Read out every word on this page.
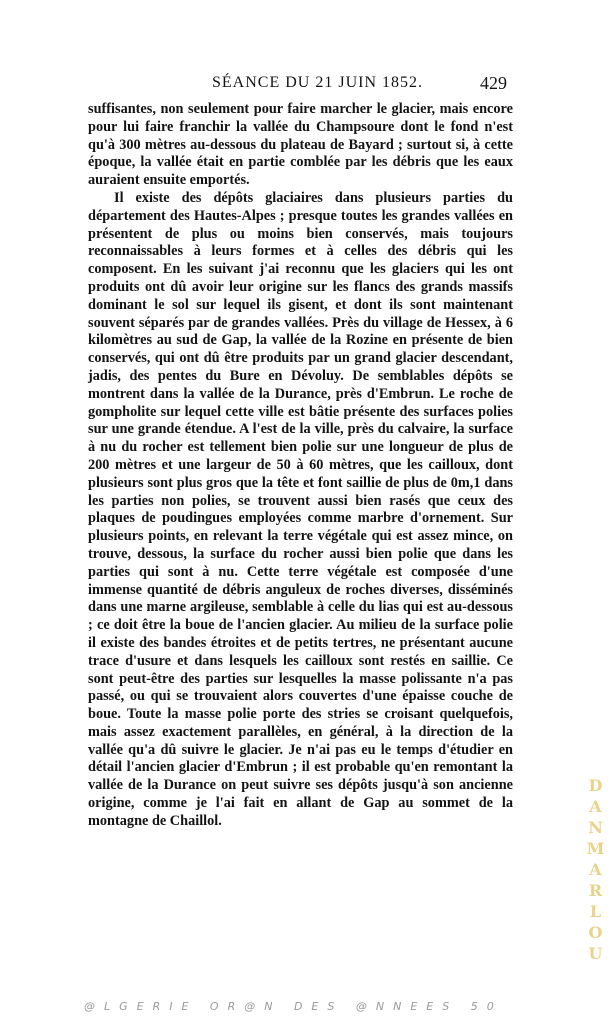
SÉANCE DU 21 JUIN 1852.	429

suffisantes, non seulement pour faire marcher le glacier, mais encore pour lui faire franchir la vallée du Champsoure dont le fond n'est qu'à 300 mètres au-dessous du plateau de Bayard ; surtout si, à cette époque, la vallée était en partie comblée par les débris que les eaux auraient ensuite emportés.

Il existe des dépôts glaciaires dans plusieurs parties du département des Hautes-Alpes ; presque toutes les grandes vallées en présentent de plus ou moins bien conservés, mais toujours reconnaissables à leurs formes et à celles des débris qui les composent. En les suivant j'ai reconnu que les glaciers qui les ont produits ont dû avoir leur origine sur les flancs des grands massifs dominant le sol sur lequel ils gisent, et dont ils sont maintenant souvent séparés par de grandes vallées. Près du village de Hessex, à 6 kilomètres au sud de Gap, la vallée de la Rozine en présente de bien conservés, qui ont dû être produits par un grand glacier descendant, jadis, des pentes du Bure en Dévoluy. De semblables dépôts se montrent dans la vallée de la Durance, près d'Embrun. Le roche de gompholite sur lequel cette ville est bâtie présente des surfaces polies sur une grande étendue. A l'est de la ville, près du calvaire, la surface à nu du rocher est tellement bien polie sur une longueur de plus de 200 mètres et une largeur de 50 à 60 mètres, que les cailloux, dont plusieurs sont plus gros que la tête et font saillie de plus de 0m,1 dans les parties non polies, se trouvent aussi bien rasés que ceux des plaques de poudingues employées comme marbre d'ornement. Sur plusieurs points, en relevant la terre végétale qui est assez mince, on trouve, dessous, la surface du rocher aussi bien polie que dans les parties qui sont à nu. Cette terre végétale est composée d'une immense quantité de débris anguleux de roches diverses, disséminés dans une marne argileuse, semblable à celle du lias qui est au-dessous ; ce doit être la boue de l'ancien glacier. Au milieu de la surface polie il existe des bandes étroites et de petits tertres, ne présentant aucune trace d'usure et dans lesquels les cailloux sont restés en saillie. Ce sont peut-être des parties sur lesquelles la masse polissante n'a pas passé, ou qui se trouvaient alors couvertes d'une épaisse couche de boue. Toute la masse polie porte des stries se croisant quelquefois, mais assez exactement parallèles, en général, à la direction de la vallée qu'a dû suivre le glacier. Je n'ai pas eu le temps d'étudier en détail l'ancien glacier d'Embrun ; il est probable qu'en remontant la vallée de la Durance on peut suivre ses dépôts jusqu'à son ancienne origine, comme je l'ai fait en allant de Gap au sommet de la montagne de Chaillol.	DANMARLOU
@LGERIE OR@N DES @NNEES 50
